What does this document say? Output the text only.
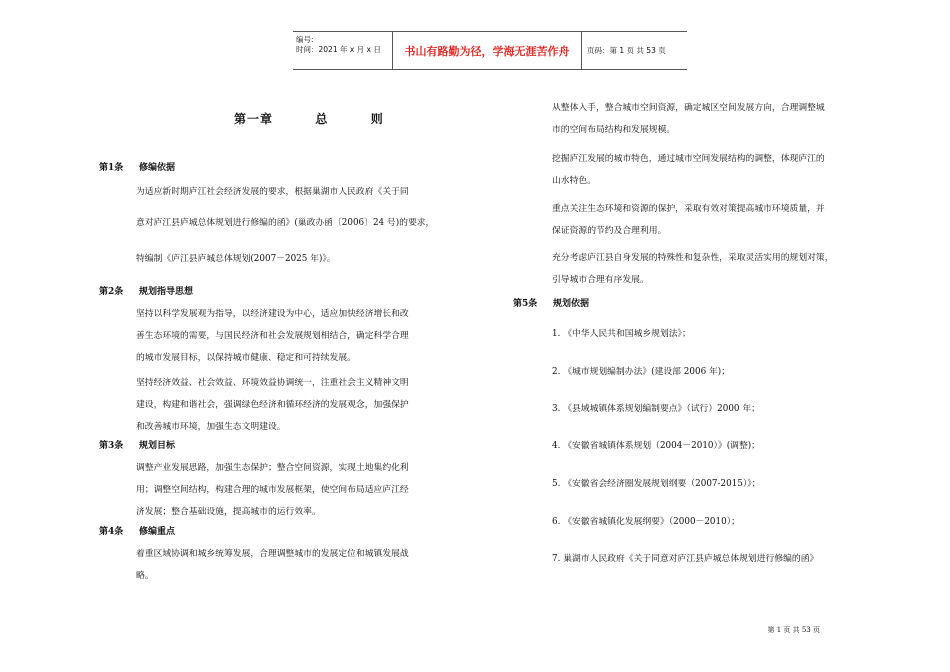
编号:
时间：2021 年 x 月 x 日	书山有路勤为径，学海无涯苦作舟	页码：第 1 页 共 53 页
第一章  总  则
第1条	修编依据
为适应新时期庐江社会经济发展的要求，根据巢湖市人民政府《关于同
意对庐江县庐城总体规划进行修编的函》(巢政办函〔2006〕24 号)的要求，
特编制《庐江县庐城总体规划(2007－2025 年)》。
第2条	规划指导思想
坚持以科学发展观为指导，以经济建设为中心，适应加快经济增长和改
善生态环境的需要，与国民经济和社会发展规划相结合，确定科学合理
的城市发展目标，以保持城市健康、稳定和可持续发展。
坚持经济效益、社会效益、环境效益协调统一，注重社会主义精神文明
建设，构建和谐社会，强调绿色经济和循环经济的发展观念，加强保护
和改善城市环境，加强生态文明建设。
第3条	规划目标
调整产业发展思路，加强生态保护；整合空间资源，实现土地集约化利
用；调整空间结构，构建合理的城市发展框架，使空间布局适应庐江经
济发展；整合基础设施，提高城市的运行效率。
第4条	修编重点
着重区域协调和城乡统筹发展，合理调整城市的发展定位和城镇发展战
略。
从整体入手，整合城市空间资源，确定城区空间发展方向，合理调整城
市的空间布局结构和发展规模。
挖掘庐江发展的城市特色，通过城市空间发展结构的调整，体现庐江的
山水特色。
重点关注生态环境和资源的保护，采取有效对策提高城市环境质量，并
保证资源的节约及合理利用。
充分考虑庐江县自身发展的特殊性和复杂性，采取灵活实用的规划对策，
引导城市合理有序发展。
第5条	规划依据
1. 《中华人民共和国城乡规划法》；
2. 《城市规划编制办法》(建设部 2006 年)；
3. 《县域城镇体系规划编制要点》（试行）2000 年；
4. 《安徽省城镇体系规划（2004－2010）》(调整)；
5. 《安徽省会经济圈发展规划纲要（2007-2015）》；
6. 《安徽省城镇化发展纲要》（2000－2010）；
7. 巢湖市人民政府《关于同意对庐江县庐城总体规划进行修编的函》
第 1 页 共 53 页
